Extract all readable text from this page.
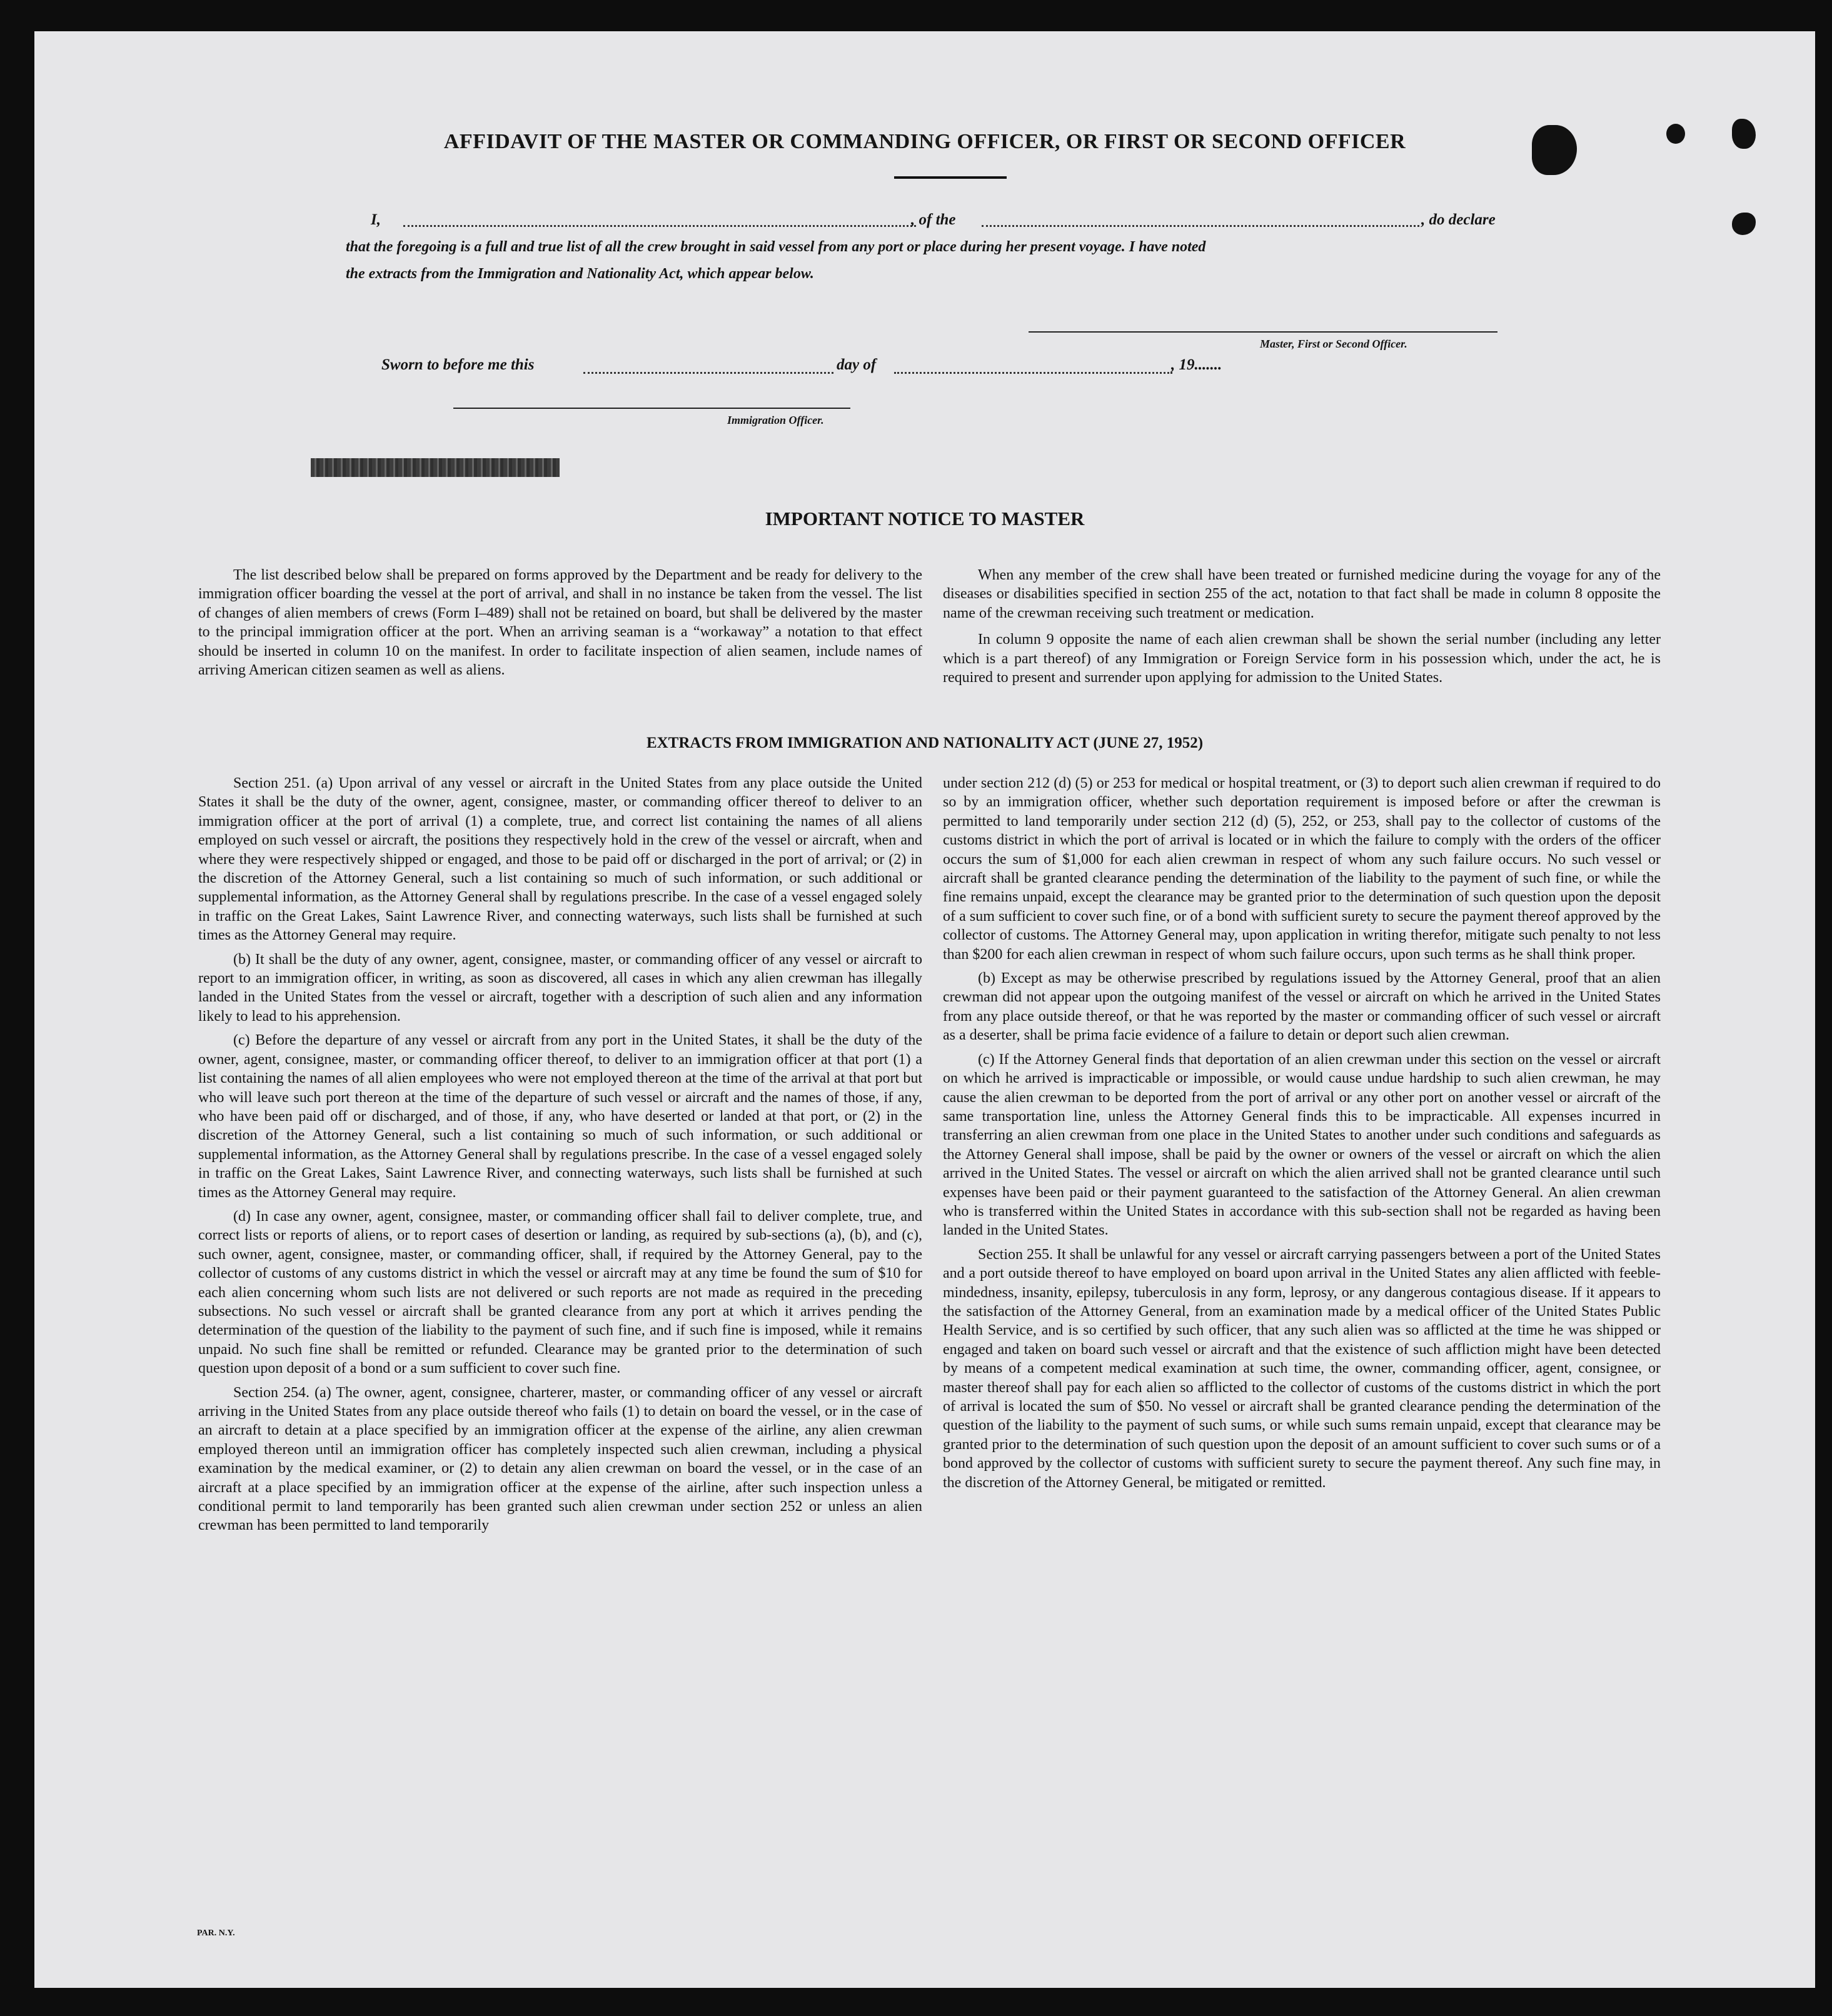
AFFIDAVIT OF THE MASTER OR COMMANDING OFFICER, OR FIRST OR SECOND OFFICER
I,	, of the	, do declare
that the foregoing is a full and true list of all the crew brought in said vessel from any port or place during her present voyage. I have noted
the extracts from the Immigration and Nationality Act, which appear below.
Master, First or Second Officer.
Sworn to before me this	day of	, 19.......
Immigration Officer.
IMPORTANT NOTICE TO MASTER

The list described below shall be prepared on forms approved by the Department and be ready for delivery to the immigration officer boarding the vessel at the port of arrival, and shall in no instance be taken from the vessel. The list of changes of alien members of crews (Form I–489) shall not be retained on board, but shall be delivered by the master to the principal immigration officer at the port. When an arriving seaman is a “workaway” a notation to that effect should be inserted in column 10 on the manifest. In order to facilitate inspection of alien seamen, include names of arriving American citizen seamen as well as aliens.

When any member of the crew shall have been treated or furnished medicine during the voyage for any of the diseases or disabilities specified in section 255 of the act, notation to that fact shall be made in column 8 opposite the name of the crewman receiving such treatment or medication.

In column 9 opposite the name of each alien crewman shall be shown the serial number (including any letter which is a part thereof) of any Immigration or Foreign Service form in his possession which, under the act, he is required to present and surrender upon applying for admission to the United States.

EXTRACTS FROM IMMIGRATION AND NATIONALITY ACT (JUNE 27, 1952)

Section 251. (a) Upon arrival of any vessel or aircraft in the United States from any place outside the United States it shall be the duty of the owner, agent, consignee, master, or commanding officer thereof to deliver to an immigration officer at the port of arrival (1) a complete, true, and correct list containing the names of all aliens employed on such vessel or aircraft, the positions they respectively hold in the crew of the vessel or aircraft, when and where they were respectively shipped or engaged, and those to be paid off or discharged in the port of arrival; or (2) in the discretion of the Attorney General, such a list containing so much of such information, or such additional or supplemental information, as the Attorney General shall by regulations prescribe. In the case of a vessel engaged solely in traffic on the Great Lakes, Saint Lawrence River, and connecting waterways, such lists shall be furnished at such times as the Attorney General may require.

(b) It shall be the duty of any owner, agent, consignee, master, or commanding officer of any vessel or aircraft to report to an immigration officer, in writing, as soon as discovered, all cases in which any alien crewman has illegally landed in the United States from the vessel or aircraft, together with a description of such alien and any information likely to lead to his apprehension.

(c) Before the departure of any vessel or aircraft from any port in the United States, it shall be the duty of the owner, agent, consignee, master, or commanding officer thereof, to deliver to an immigration officer at that port (1) a list containing the names of all alien employees who were not employed thereon at the time of the arrival at that port but who will leave such port thereon at the time of the departure of such vessel or aircraft and the names of those, if any, who have been paid off or discharged, and of those, if any, who have deserted or landed at that port, or (2) in the discretion of the Attorney General, such a list containing so much of such information, or such additional or supplemental information, as the Attorney General shall by regulations prescribe. In the case of a vessel engaged solely in traffic on the Great Lakes, Saint Lawrence River, and connecting waterways, such lists shall be furnished at such times as the Attorney General may require.

(d) In case any owner, agent, consignee, master, or commanding officer shall fail to deliver complete, true, and correct lists or reports of aliens, or to report cases of desertion or landing, as required by sub-sections (a), (b), and (c), such owner, agent, consignee, master, or commanding officer, shall, if required by the Attorney General, pay to the collector of customs of any customs district in which the vessel or aircraft may at any time be found the sum of $10 for each alien concerning whom such lists are not delivered or such reports are not made as required in the preceding subsections. No such vessel or aircraft shall be granted clearance from any port at which it arrives pending the determination of the question of the liability to the payment of such fine, and if such fine is imposed, while it remains unpaid. No such fine shall be remitted or refunded. Clearance may be granted prior to the determination of such question upon deposit of a bond or a sum sufficient to cover such fine.

Section 254. (a) The owner, agent, consignee, charterer, master, or commanding officer of any vessel or aircraft arriving in the United States from any place outside thereof who fails (1) to detain on board the vessel, or in the case of an aircraft to detain at a place specified by an immigration officer at the expense of the airline, any alien crewman employed thereon until an immigration officer has completely inspected such alien crewman, including a physical examination by the medical examiner, or (2) to detain any alien crewman on board the vessel, or in the case of an aircraft at a place specified by an immigration officer at the expense of the airline, after such inspection unless a conditional permit to land temporarily has been granted such alien crewman under section 252 or unless an alien crewman has been permitted to land temporarily

under section 212 (d) (5) or 253 for medical or hospital treatment, or (3) to deport such alien crewman if required to do so by an immigration officer, whether such deportation requirement is imposed before or after the crewman is permitted to land temporarily under section 212 (d) (5), 252, or 253, shall pay to the collector of customs of the customs district in which the port of arrival is located or in which the failure to comply with the orders of the officer occurs the sum of $1,000 for each alien crewman in respect of whom any such failure occurs. No such vessel or aircraft shall be granted clearance pending the determination of the liability to the payment of such fine, or while the fine remains unpaid, except the clearance may be granted prior to the determination of such question upon the deposit of a sum sufficient to cover such fine, or of a bond with sufficient surety to secure the payment thereof approved by the collector of customs. The Attorney General may, upon application in writing therefor, mitigate such penalty to not less than $200 for each alien crewman in respect of whom such failure occurs, upon such terms as he shall think proper.

(b) Except as may be otherwise prescribed by regulations issued by the Attorney General, proof that an alien crewman did not appear upon the outgoing manifest of the vessel or aircraft on which he arrived in the United States from any place outside thereof, or that he was reported by the master or commanding officer of such vessel or aircraft as a deserter, shall be prima facie evidence of a failure to detain or deport such alien crewman.

(c) If the Attorney General finds that deportation of an alien crewman under this section on the vessel or aircraft on which he arrived is impracticable or impossible, or would cause undue hardship to such alien crewman, he may cause the alien crewman to be deported from the port of arrival or any other port on another vessel or aircraft of the same transportation line, unless the Attorney General finds this to be impracticable. All expenses incurred in transferring an alien crewman from one place in the United States to another under such conditions and safeguards as the Attorney General shall impose, shall be paid by the owner or owners of the vessel or aircraft on which the alien arrived in the United States. The vessel or aircraft on which the alien arrived shall not be granted clearance until such expenses have been paid or their payment guaranteed to the satisfaction of the Attorney General. An alien crewman who is transferred within the United States in accordance with this sub-section shall not be regarded as having been landed in the United States.

Section 255. It shall be unlawful for any vessel or aircraft carrying passengers between a port of the United States and a port outside thereof to have employed on board upon arrival in the United States any alien afflicted with feeble-mindedness, insanity, epilepsy, tuberculosis in any form, leprosy, or any dangerous contagious disease. If it appears to the satisfaction of the Attorney General, from an examination made by a medical officer of the United States Public Health Service, and is so certified by such officer, that any such alien was so afflicted at the time he was shipped or engaged and taken on board such vessel or aircraft and that the existence of such affliction might have been detected by means of a competent medical examination at such time, the owner, commanding officer, agent, consignee, or master thereof shall pay for each alien so afflicted to the collector of customs of the customs district in which the port of arrival is located the sum of $50. No vessel or aircraft shall be granted clearance pending the determination of the question of the liability to the payment of such sums, or while such sums remain unpaid, except that clearance may be granted prior to the determination of such question upon the deposit of an amount sufficient to cover such sums or of a bond approved by the collector of customs with sufficient surety to secure the payment thereof. Any such fine may, in the discretion of the Attorney General, be mitigated or remitted.

PAR. N.Y.
